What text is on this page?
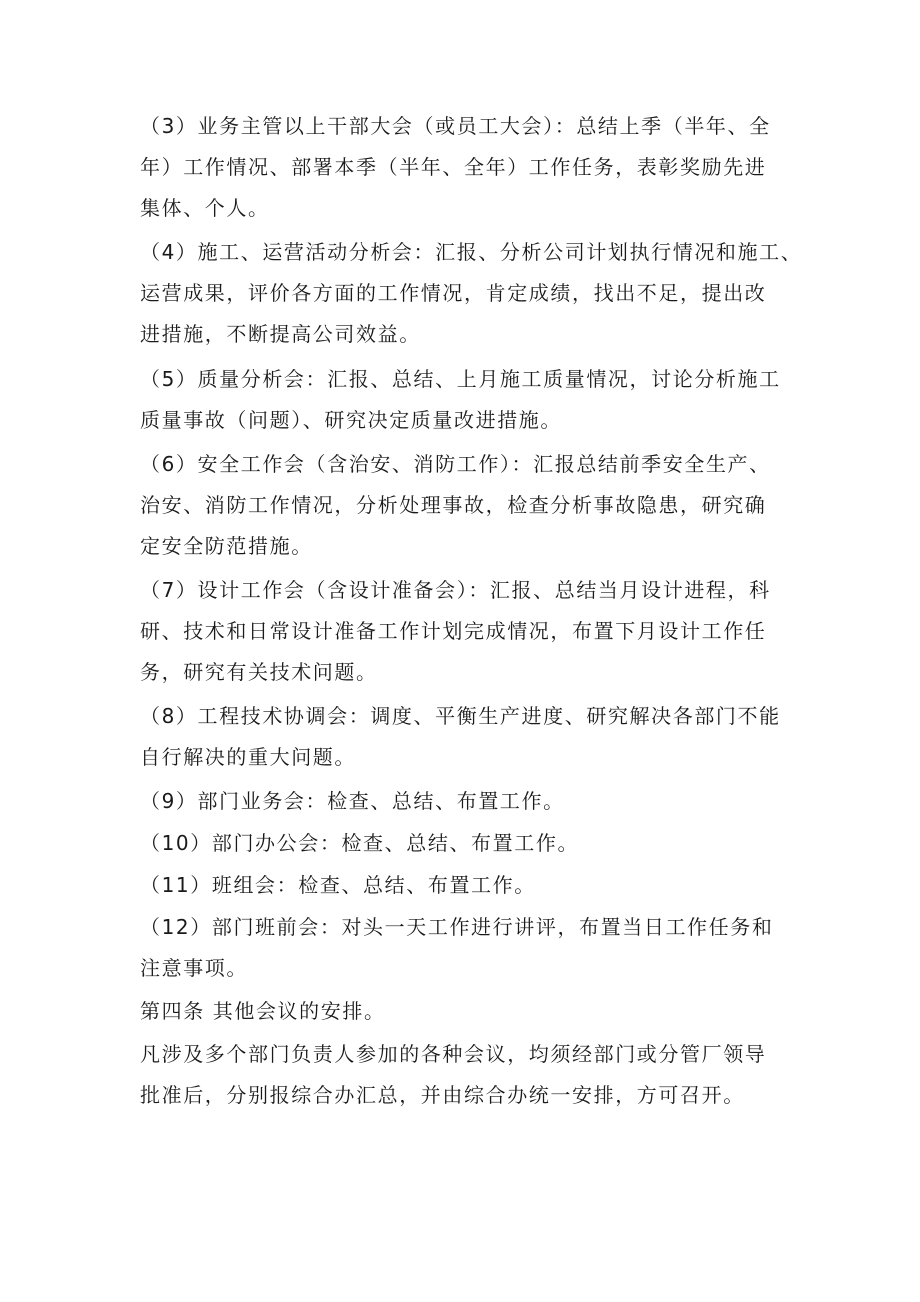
（3）业务主管以上干部大会（或员工大会）：总结上季（半年、全
年）工作情况、部署本季（半年、全年）工作任务，表彰奖励先进
集体、个人。
（4）施工、运营活动分析会：汇报、分析公司计划执行情况和施工、
运营成果，评价各方面的工作情况，肯定成绩，找出不足，提出改
进措施，不断提高公司效益。
（5）质量分析会：汇报、总结、上月施工质量情况，讨论分析施工
质量事故（问题）、研究决定质量改进措施。
（6）安全工作会（含治安、消防工作）：汇报总结前季安全生产、
治安、消防工作情况，分析处理事故，检查分析事故隐患，研究确
定安全防范措施。
（7）设计工作会（含设计准备会）：汇报、总结当月设计进程，科
研、技术和日常设计准备工作计划完成情况，布置下月设计工作任
务，研究有关技术问题。
（8）工程技术协调会：调度、平衡生产进度、研究解决各部门不能
自行解决的重大问题。
（9）部门业务会：检查、总结、布置工作。
（10）部门办公会：检查、总结、布置工作。
（11）班组会：检查、总结、布置工作。
（12）部门班前会：对头一天工作进行讲评，布置当日工作任务和
注意事项。
第四条 其他会议的安排。
凡涉及多个部门负责人参加的各种会议，均须经部门或分管厂领导
批准后，分别报综合办汇总，并由综合办统一安排，方可召开。
